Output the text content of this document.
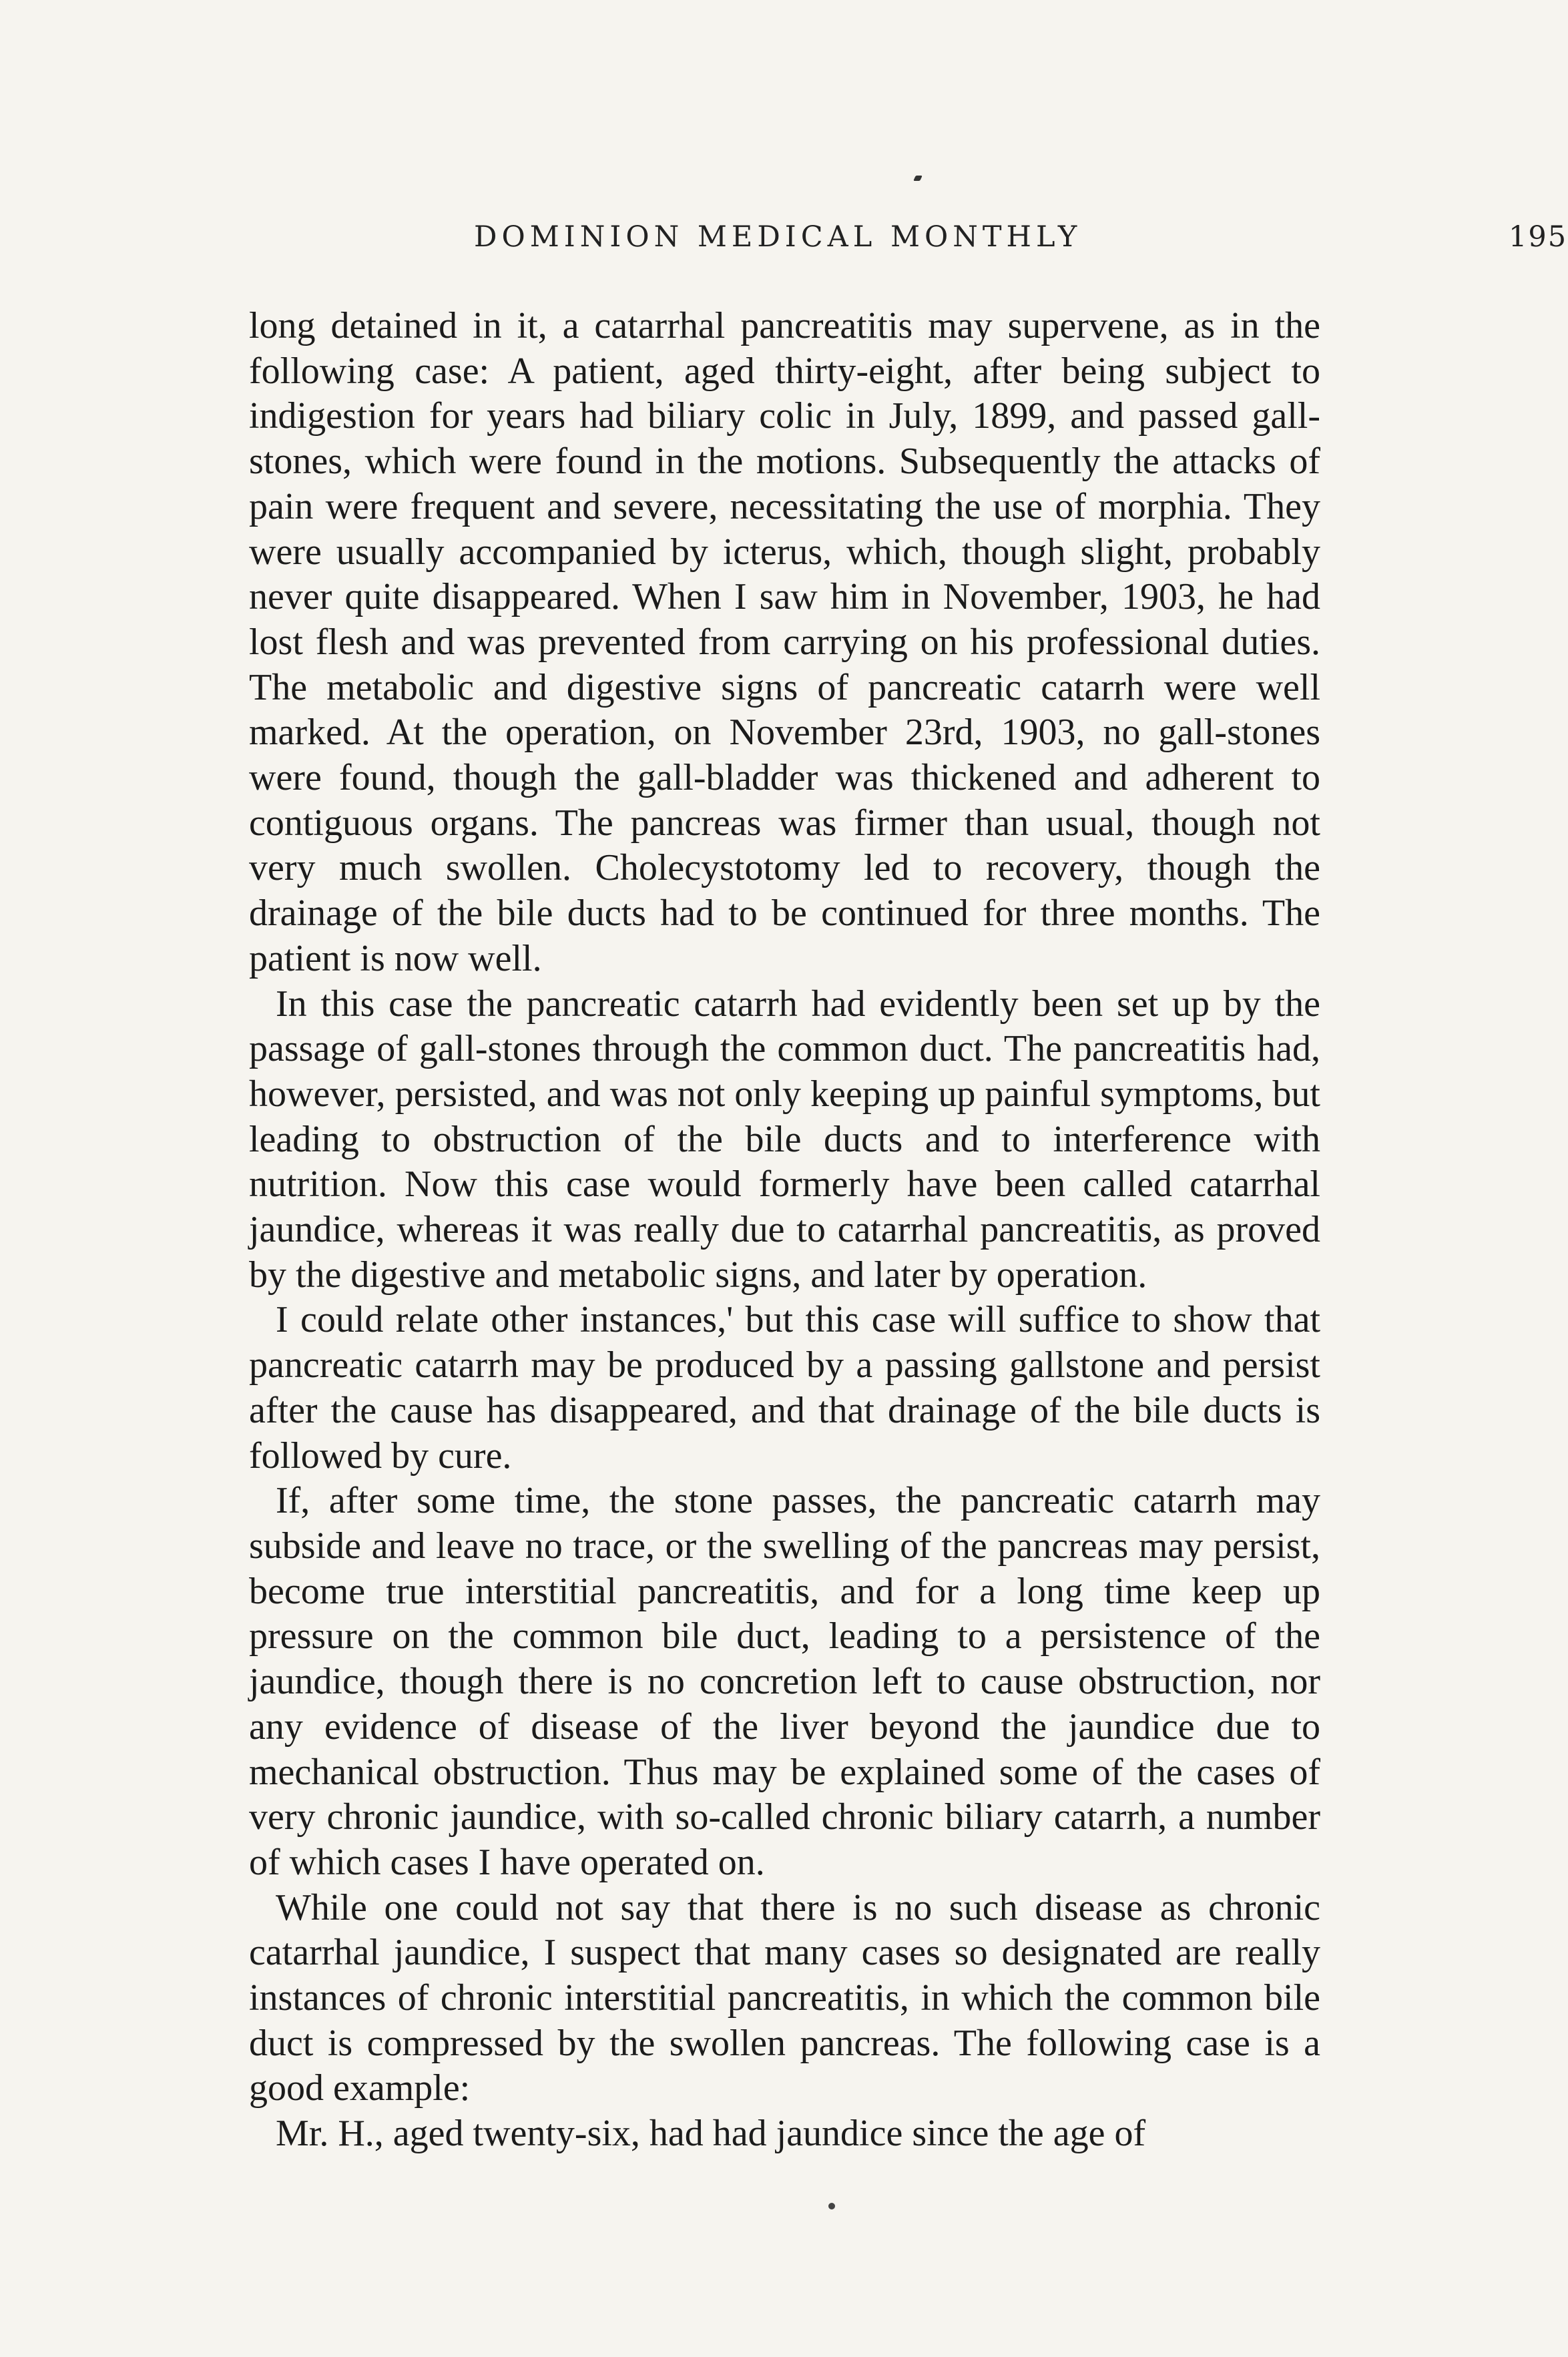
DOMINION MEDICAL MONTHLY	195

long detained in it, a catarrhal pancreatitis may supervene, as in the following case: A patient, aged thirty-eight, after being subject to indigestion for years had biliary colic in July, 1899, and passed gall-stones, which were found in the motions. Subsequently the attacks of pain were frequent and severe, necessitating the use of morphia. They were usually accompanied by icterus, which, though slight, probably never quite disappeared. When I saw him in November, 1903, he had lost flesh and was prevented from carrying on his professional duties. The metabolic and digestive signs of pancreatic catarrh were well marked. At the operation, on November 23rd, 1903, no gall-stones were found, though the gall-bladder was thickened and adherent to contiguous organs. The pancreas was firmer than usual, though not very much swollen. Cholecystotomy led to recovery, though the drainage of the bile ducts had to be continued for three months. The patient is now well.

In this case the pancreatic catarrh had evidently been set up by the passage of gall-stones through the common duct. The pancreatitis had, however, persisted, and was not only keeping up painful symptoms, but leading to obstruction of the bile ducts and to interference with nutrition. Now this case would formerly have been called catarrhal jaundice, whereas it was really due to catarrhal pancreatitis, as proved by the digestive and metabolic signs, and later by operation.

I could relate other instances,' but this case will suffice to show that pancreatic catarrh may be produced by a passing gallstone and persist after the cause has disappeared, and that drainage of the bile ducts is followed by cure.

If, after some time, the stone passes, the pancreatic catarrh may subside and leave no trace, or the swelling of the pancreas may persist, become true interstitial pancreatitis, and for a long time keep up pressure on the common bile duct, leading to a persistence of the jaundice, though there is no concretion left to cause obstruction, nor any evidence of disease of the liver beyond the jaundice due to mechanical obstruction. Thus may be explained some of the cases of very chronic jaundice, with so-called chronic biliary catarrh, a number of which cases I have operated on.

While one could not say that there is no such disease as chronic catarrhal jaundice, I suspect that many cases so designated are really instances of chronic interstitial pancreatitis, in which the common bile duct is compressed by the swollen pancreas. The following case is a good example:

Mr. H., aged twenty-six, had had jaundice since the age of
